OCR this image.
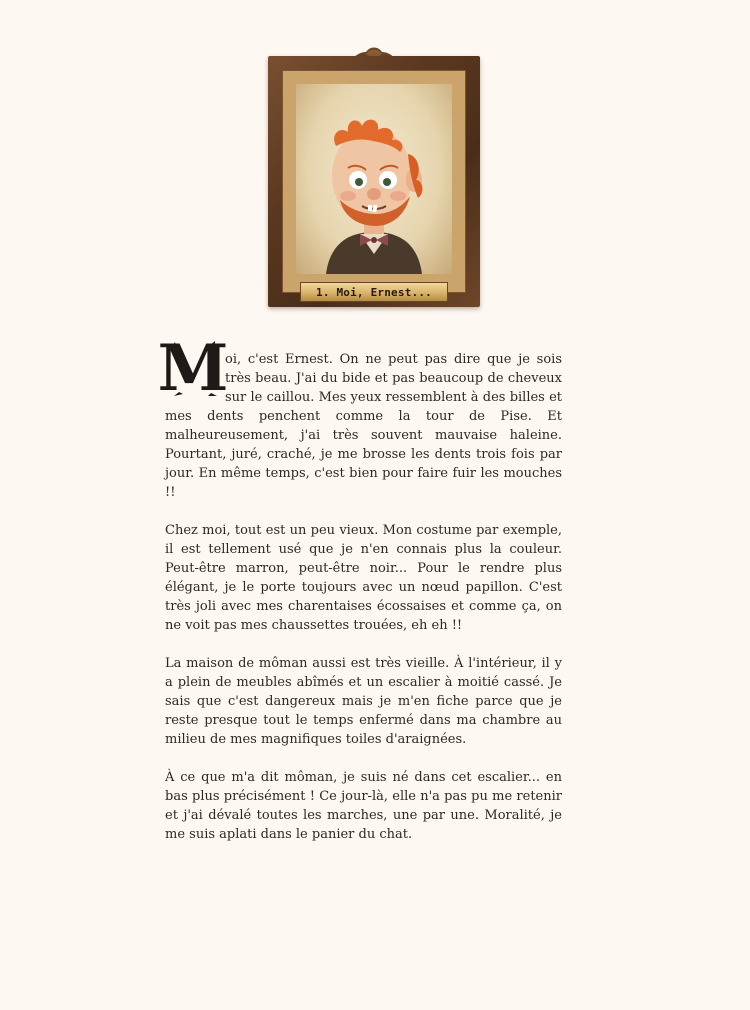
1. Moi, Ernest...

M
oi, c'est Ernest. On ne peut pas dire que je sois très beau. J'ai du bide et pas beaucoup de cheveux sur le caillou. Mes yeux ressemblent à des billes et mes dents penchent comme la tour de Pise. Et malheureusement, j'ai très souvent mauvaise haleine. Pourtant, juré, craché, je me brosse les dents trois fois par jour. En même temps, c'est bien pour faire fuir les mouches !!

Chez moi, tout est un peu vieux. Mon costume par exemple, il est tellement usé que je n'en connais plus la couleur. Peut-être marron, peut-être noir... Pour le rendre plus élégant, je le porte toujours avec un nœud papillon. C'est très joli avec mes charentaises écossaises et comme ça, on ne voit pas mes chaussettes trouées, eh eh !!

La maison de môman aussi est très vieille. À l'intérieur, il y a plein de meubles abîmés et un escalier à moitié cassé. Je sais que c'est dangereux mais je m'en fiche parce que je reste presque tout le temps enfermé dans ma chambre au milieu de mes magnifiques toiles d'araignées.

À ce que m'a dit môman, je suis né dans cet escalier... en bas plus précisément ! Ce jour-là, elle n'a pas pu me retenir et j'ai dévalé toutes les marches, une par une. Moralité, je me suis aplati dans le panier du chat.
